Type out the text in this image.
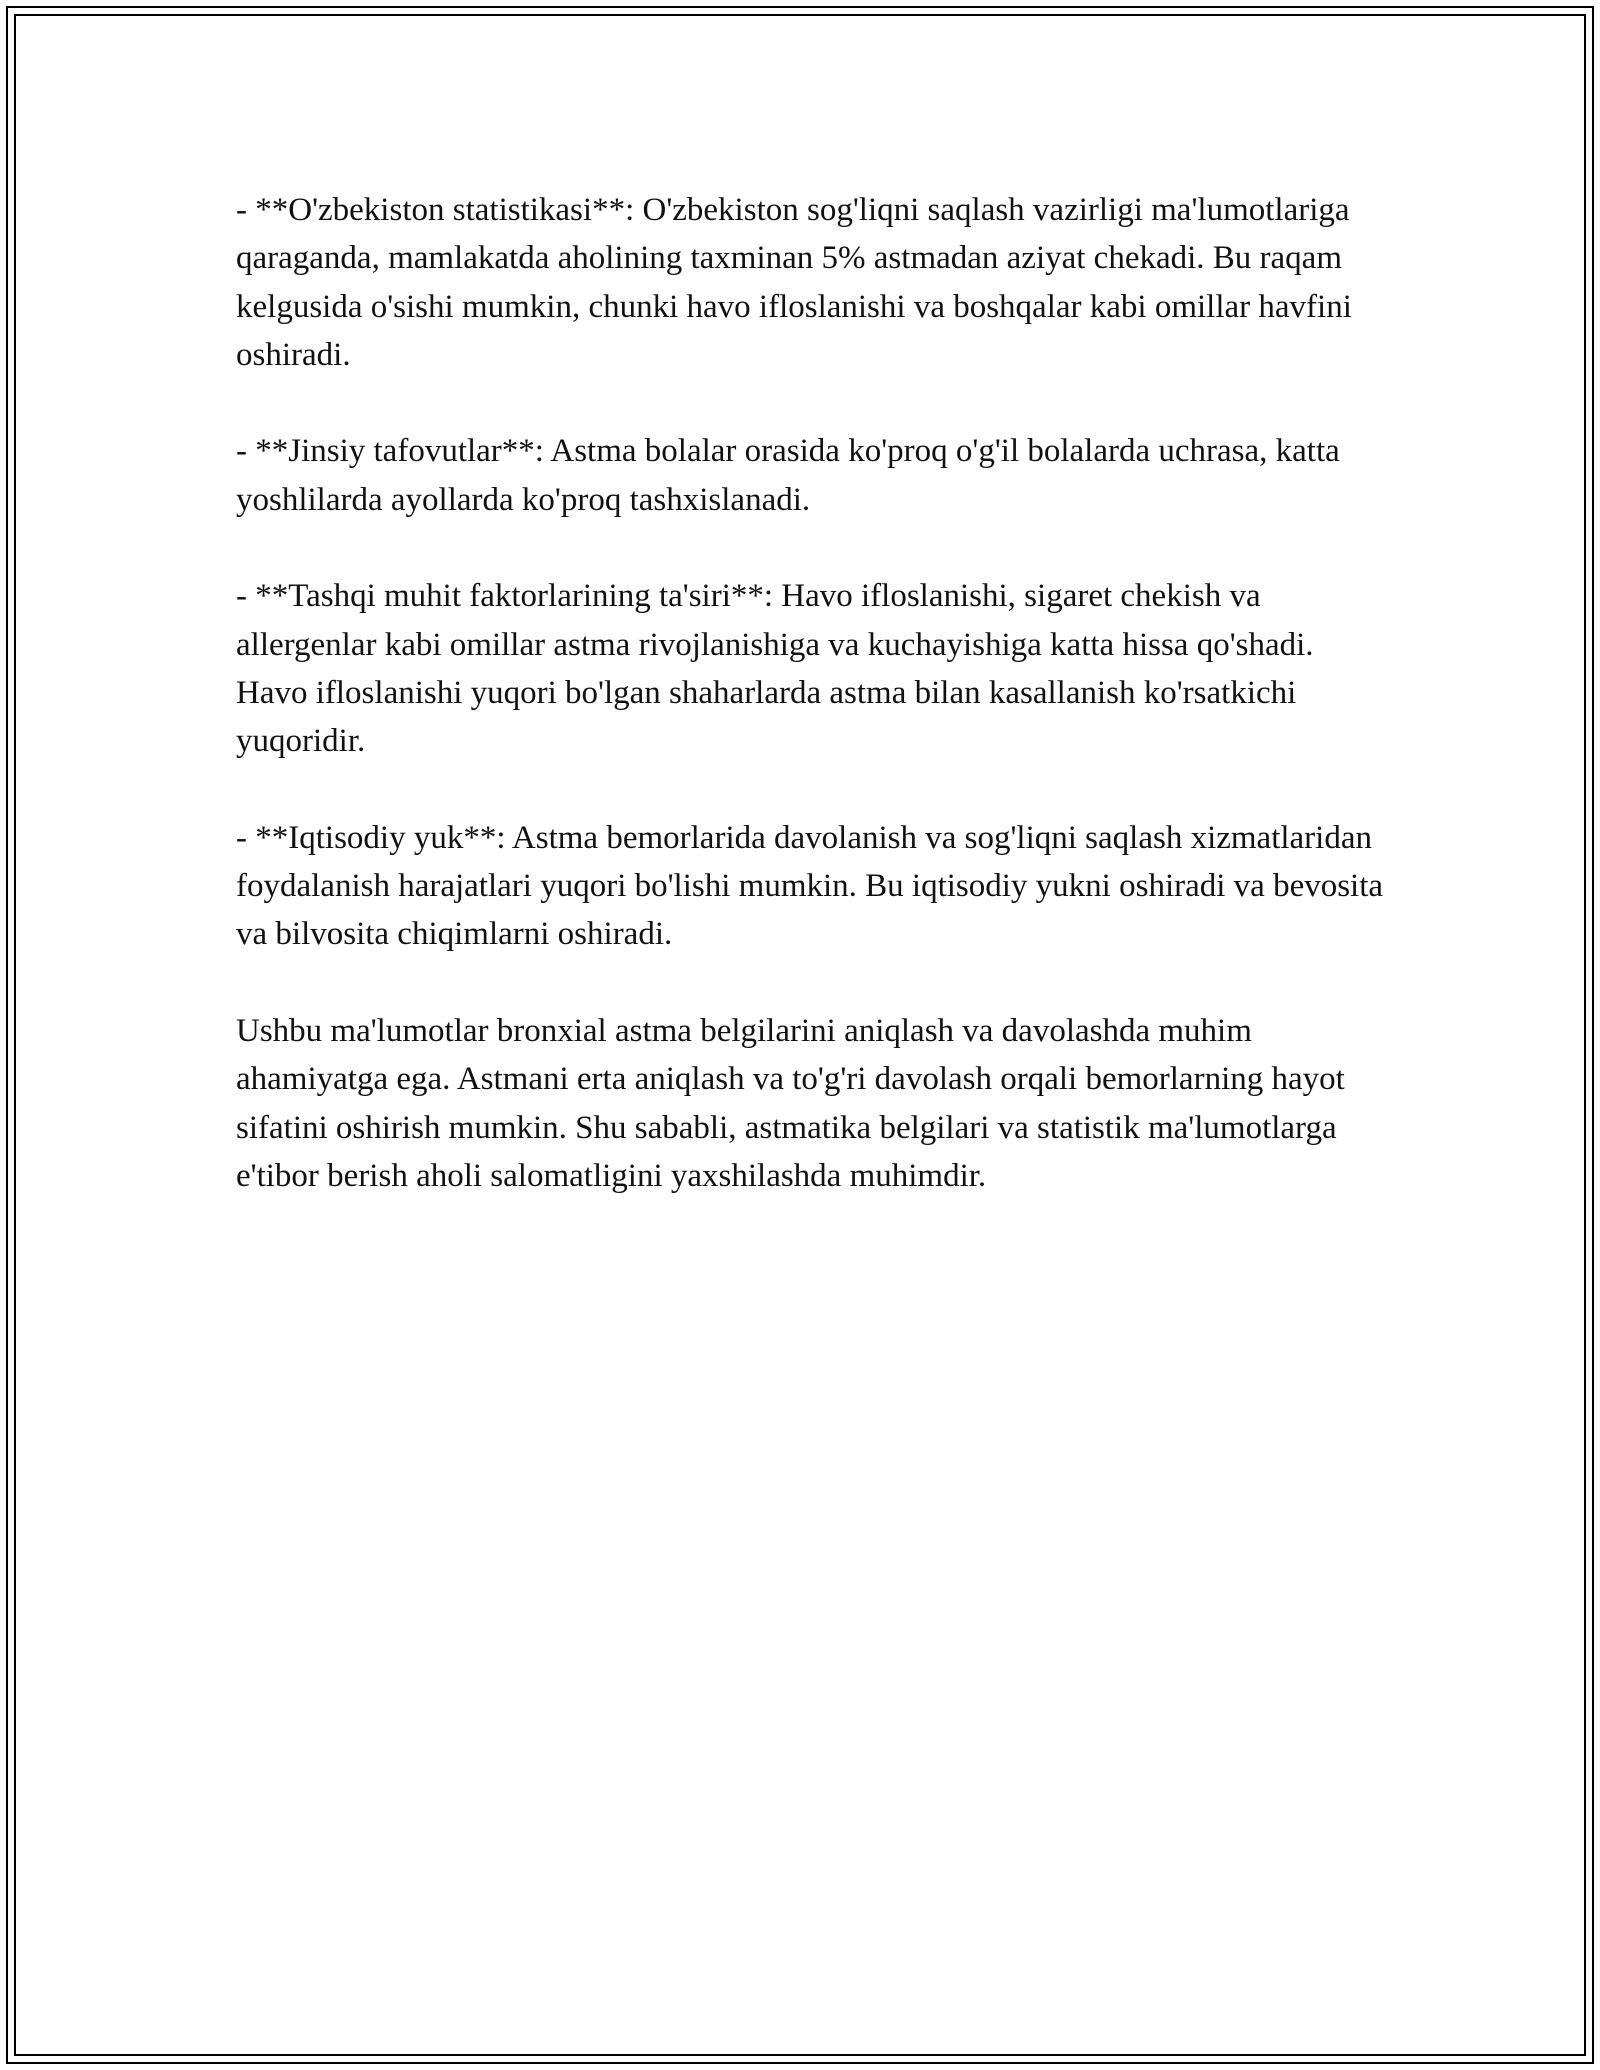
- **O'zbekiston statistikasi**: O'zbekiston sog'liqni saqlash vazirligi ma'lumotlariga qaraganda, mamlakatda aholining taxminan 5% astmadan aziyat chekadi. Bu raqam kelgusida o'sishi mumkin, chunki havo ifloslanishi va boshqalar kabi omillar havfini oshiradi.

- **Jinsiy tafovutlar**: Astma bolalar orasida ko'proq o'g'il bolalarda uchrasa, katta yoshlilarda ayollarda ko'proq tashxislanadi.

- **Tashqi muhit faktorlarining ta'siri**: Havo ifloslanishi, sigaret chekish va allergenlar kabi omillar astma rivojlanishiga va kuchayishiga katta hissa qo'shadi. Havo ifloslanishi yuqori bo'lgan shaharlarda astma bilan kasallanish ko'rsatkichi yuqoridir.

- **Iqtisodiy yuk**: Astma bemorlarida davolanish va sog'liqni saqlash xizmatlaridan foydalanish harajatlari yuqori bo'lishi mumkin. Bu iqtisodiy yukni oshiradi va bevosita va bilvosita chiqimlarni oshiradi.

Ushbu ma'lumotlar bronxial astma belgilarini aniqlash va davolashda muhim ahamiyatga ega. Astmani erta aniqlash va to'g'ri davolash orqali bemorlarning hayot sifatini oshirish mumkin. Shu sababli, astmatika belgilari va statistik ma'lumotlarga e'tibor berish aholi salomatligini yaxshilashda muhimdir.
